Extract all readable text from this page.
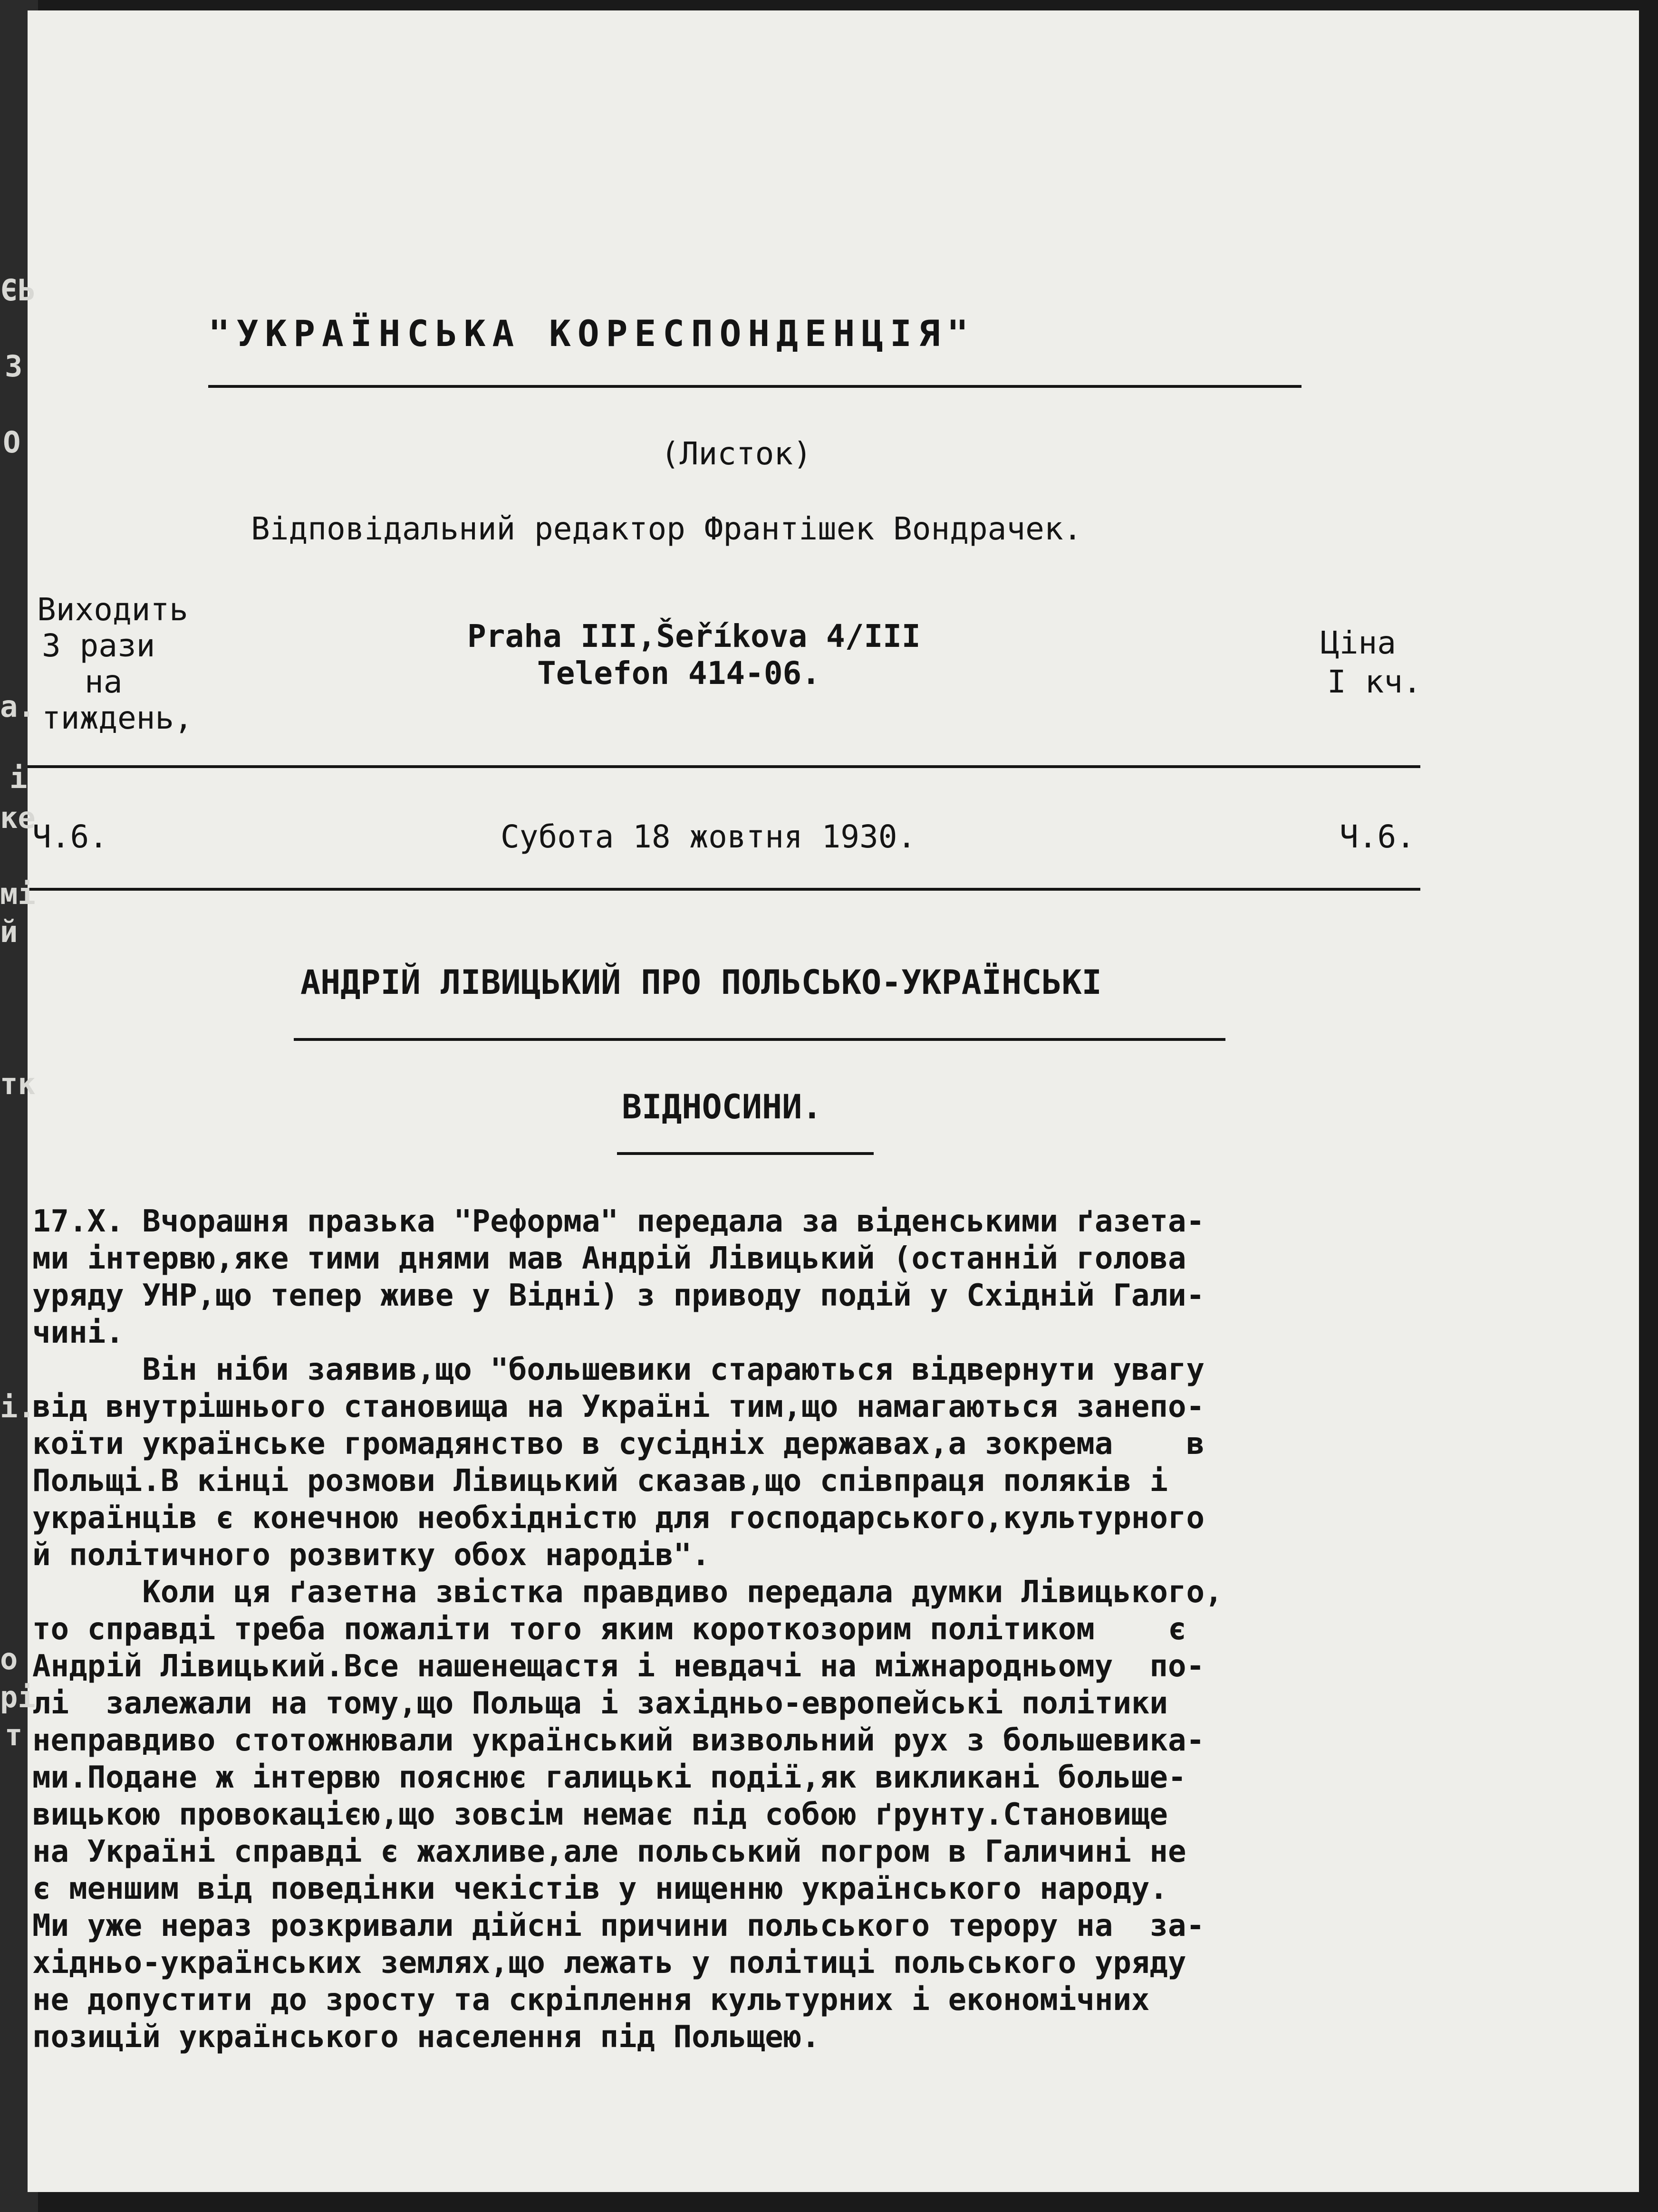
"УКРАЇНСЬКА КОРЕСПОНДЕНЦІЯ"
(Листок)
Відповідальний редактор Франтішек Вондрачек.
Виходить
3 рази
на
тиждень,
Praha III,Šeříkova 4/III
Telefon 414-06.
Ціна
І кч.
Ч.6.	Субота 18 жовтня 1930.	Ч.6.
АНДРІЙ ЛІВИЦЬКИЙ ПРО ПОЛЬСЬКО-УКРАЇНСЬКІ
ВІДНОСИНИ.
17.Х. Вчорашня празька "Реформа" передала за віденськими ґазета-
ми інтервю,яке тими днями мав Андрій Лівицький (останній голова
уряду УНР,що тепер живе у Відні) з приводу подій у Східній Гали-
чині.
Він ніби заявив,що "большевики стараються відвернути увагу
від внутрішнього становища на Україні тим,що намагаються занепо-
коїти українське громадянство в сусідніх державах,а зокрема    в
Польщі.В кінці розмови Лівицький сказав,що співпраця поляків і
українців є конечною необхідністю для господарського,культурного
й політичного розвитку обох народів".
Коли ця ґазетна звістка правдиво передала думки Лівицького,
то справді треба пожаліти того яким короткозорим політиком    є
Андрій Лівицький.Все нашенещастя і невдачі на міжнародньому  по-
лі  залежали на тому,що Польща і західньо-европейські політики
неправдиво стотожнювали український визвольний рух з большевика-
ми.Подане ж інтервю пояснює галицькі події,як викликані больше-
вицькою провокацією,що зовсім немає під собою ґрунту.Становище
на Україні справді є жахливе,але польський погром в Галичині не
є меншим від поведінки чекістів у нищенню українського народу.
Ми уже нераз розкривали дійсні причини польського терору на  за-
хідньо-українських землях,що лежать у політиці польського уряду
не допустити до зросту та скріплення культурних і економічних
позицій українського населення під Польщею.
ЄЬ
З
О
а.
і
ке
мі
й
тк
і.
о
рі
т
